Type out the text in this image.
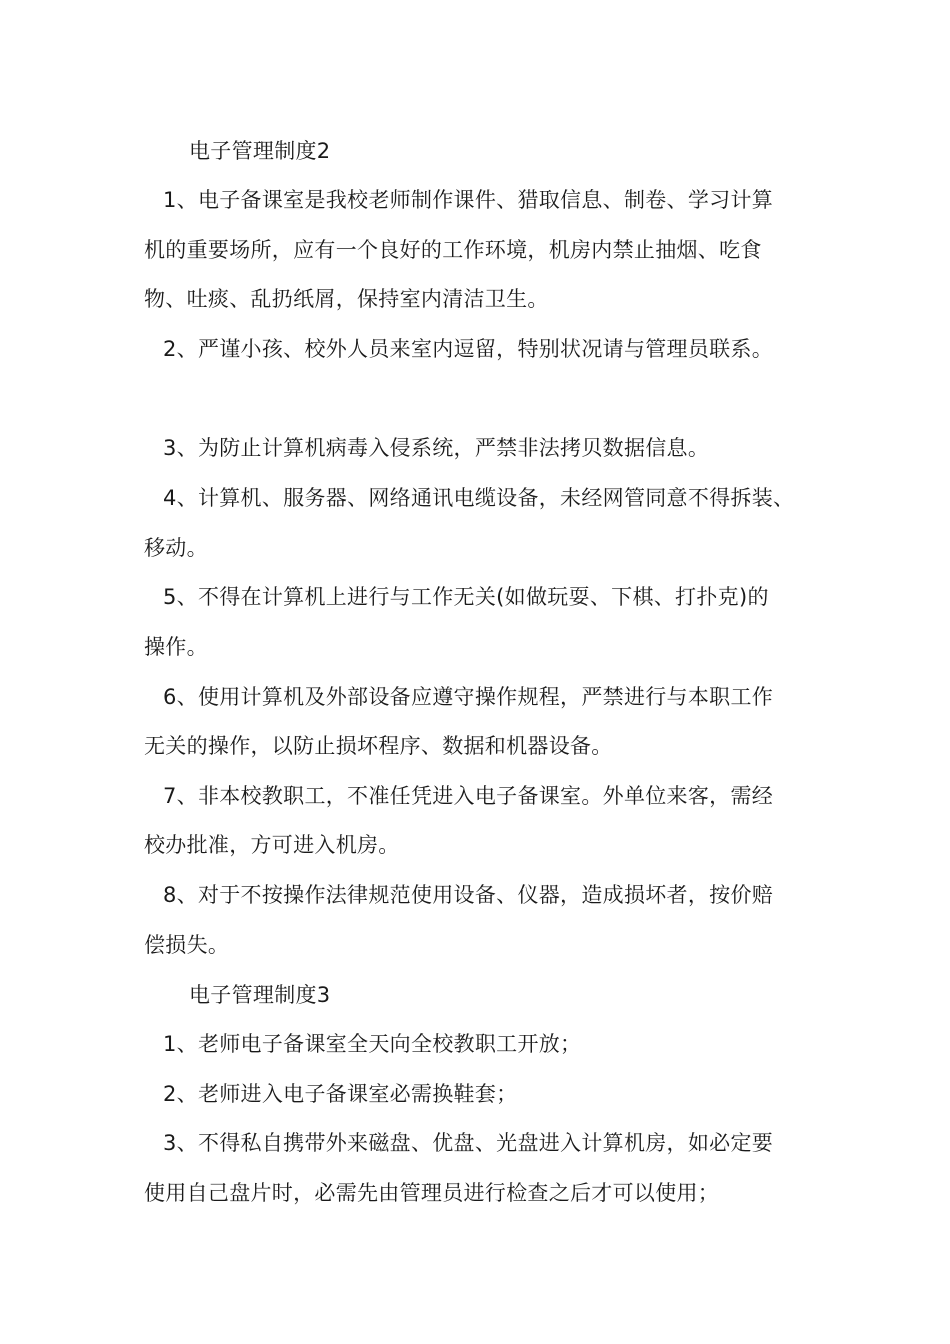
电子管理制度2
1、电子备课室是我校老师制作课件、猎取信息、制卷、学习计算
机的重要场所，应有一个良好的工作环境，机房内禁止抽烟、吃食
物、吐痰、乱扔纸屑，保持室内清洁卫生。
2、严谨小孩、校外人员来室内逗留，特别状况请与管理员联系。
3、为防止计算机病毒入侵系统，严禁非法拷贝数据信息。
4、计算机、服务器、网络通讯电缆设备，未经网管同意不得拆装、
移动。
5、不得在计算机上进行与工作无关(如做玩耍、下棋、打扑克)的
操作。
6、使用计算机及外部设备应遵守操作规程，严禁进行与本职工作
无关的操作，以防止损坏程序、数据和机器设备。
7、非本校教职工，不准任凭进入电子备课室。外单位来客，需经
校办批准，方可进入机房。
8、对于不按操作法律规范使用设备、仪器，造成损坏者，按价赔
偿损失。
电子管理制度3
1、老师电子备课室全天向全校教职工开放；
2、老师进入电子备课室必需换鞋套；
3、不得私自携带外来磁盘、优盘、光盘进入计算机房，如必定要
使用自己盘片时，必需先由管理员进行检查之后才可以使用；
